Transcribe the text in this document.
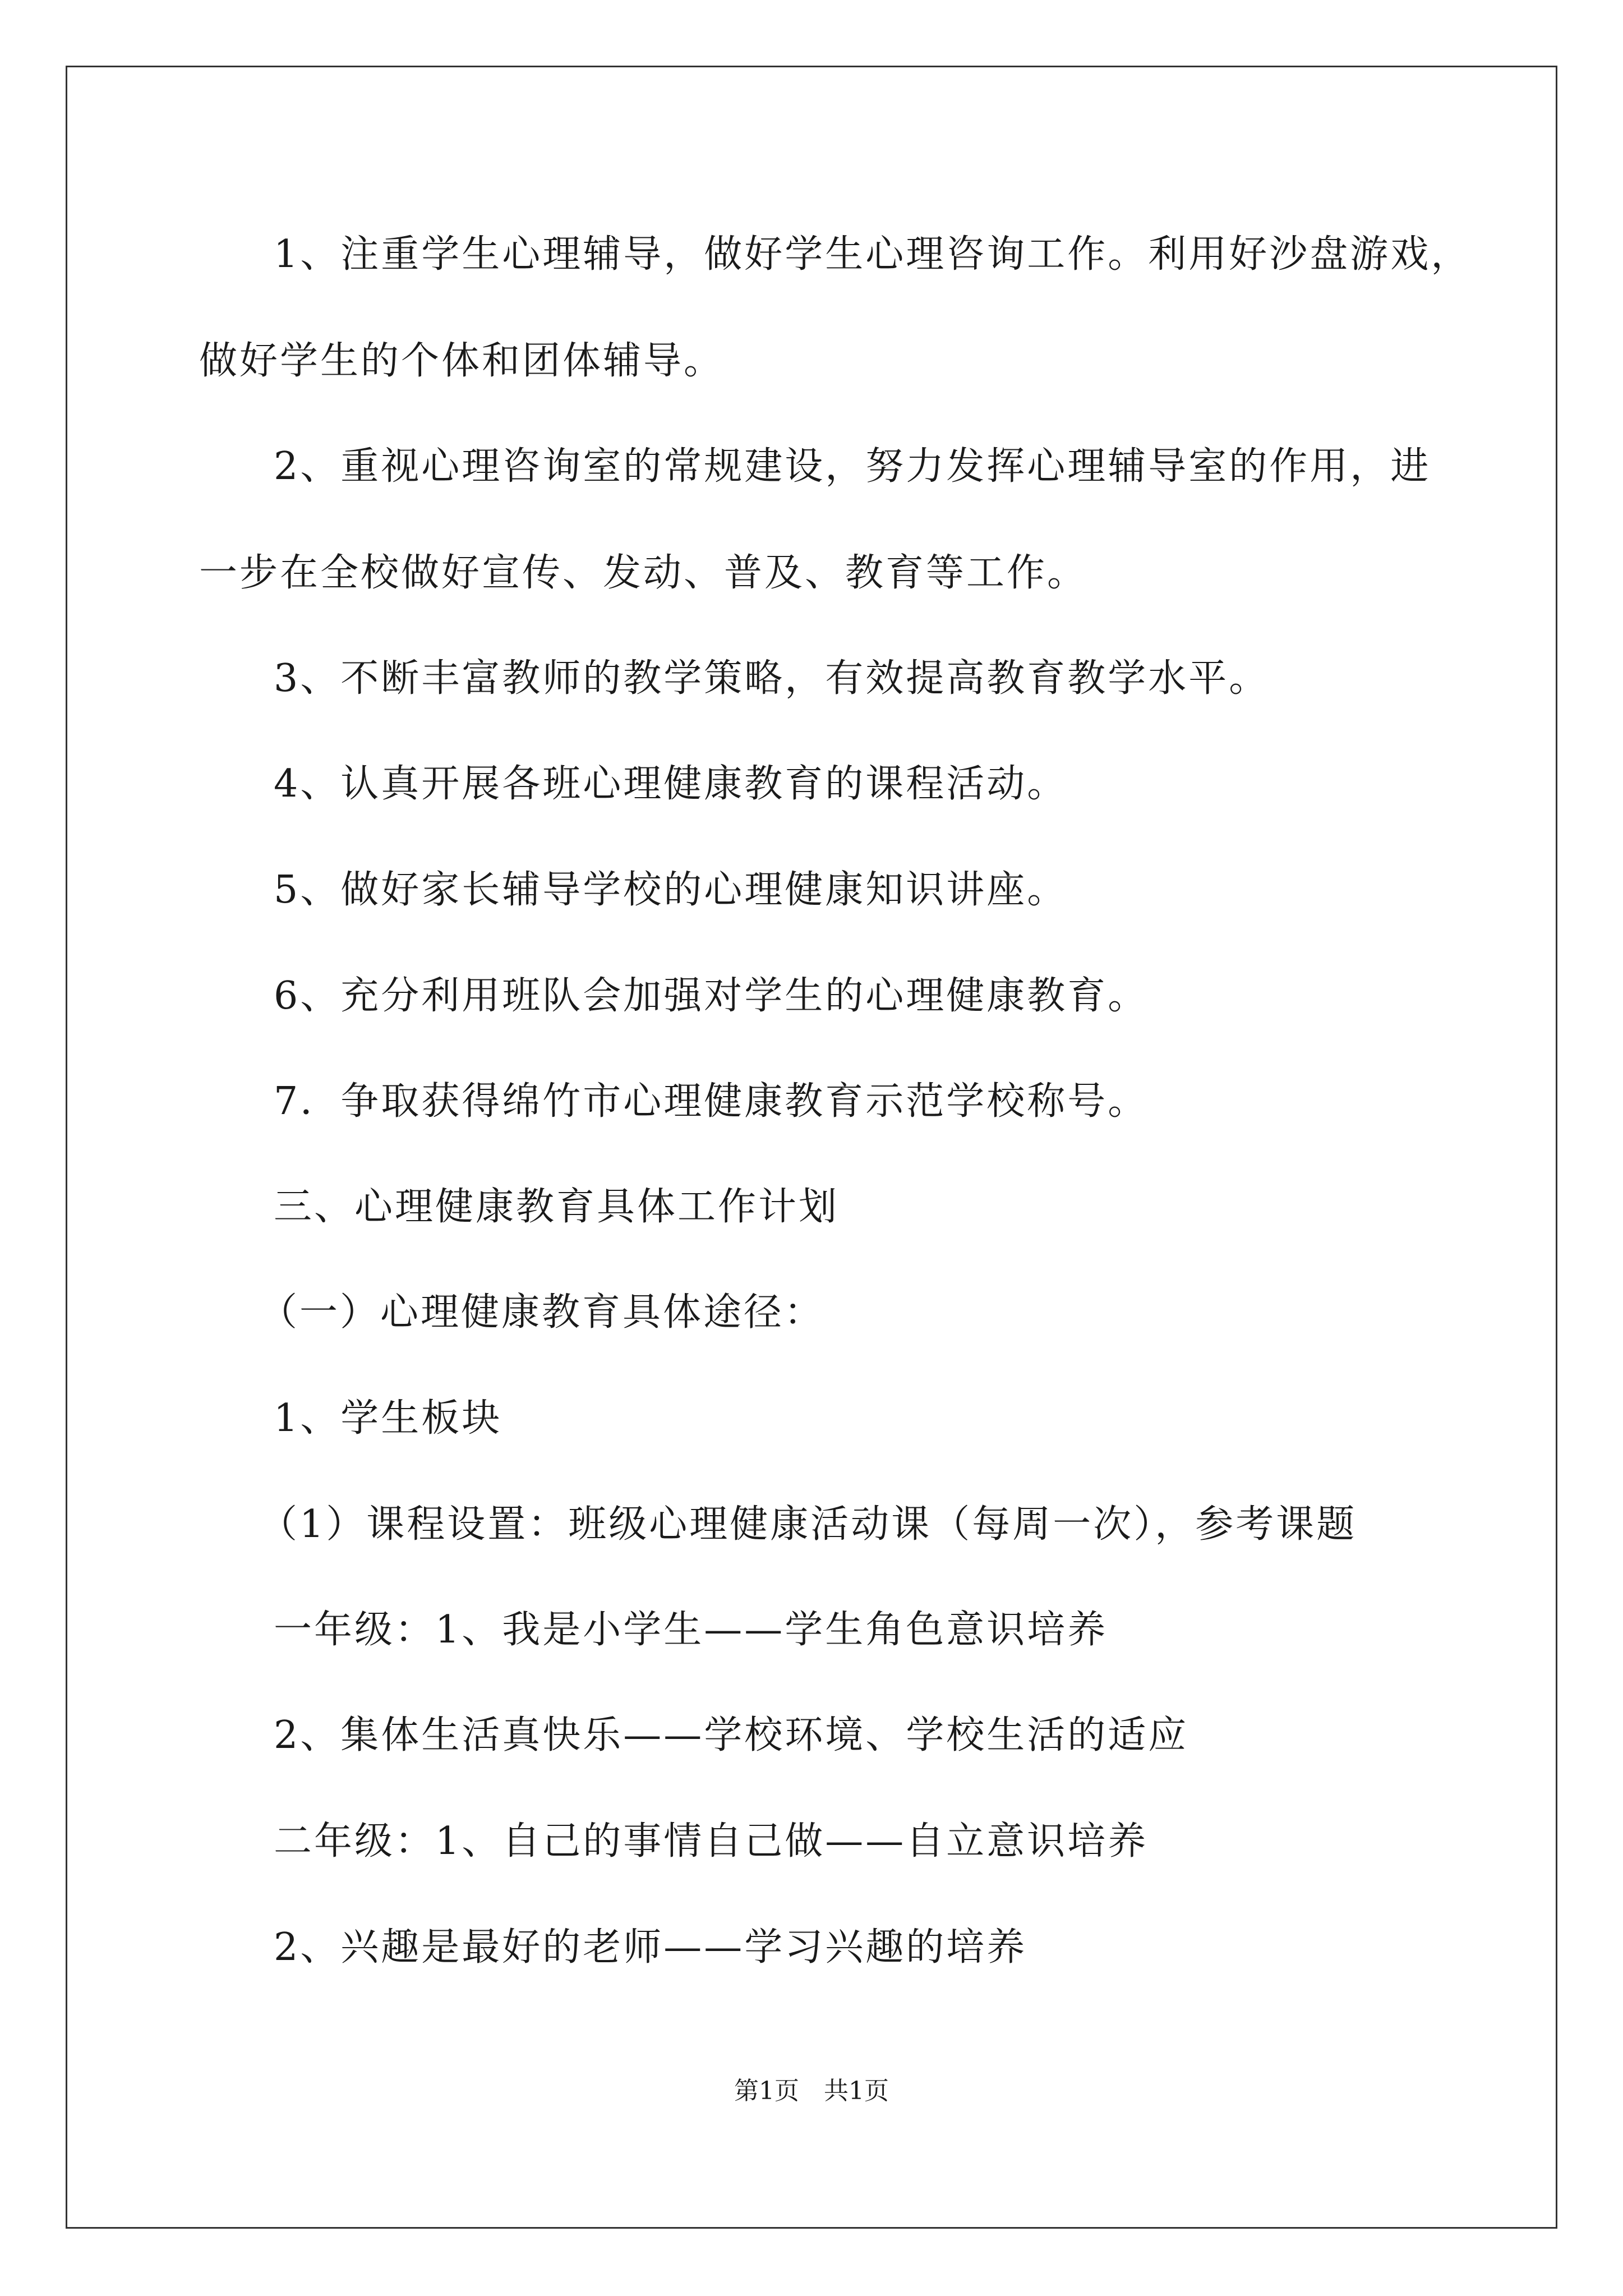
1、注重学生心理辅导，做好学生心理咨询工作。利用好沙盘游戏，
做好学生的个体和团体辅导。
2、重视心理咨询室的常规建设，努力发挥心理辅导室的作用，进
一步在全校做好宣传、发动、普及、教育等工作。
3、不断丰富教师的教学策略，有效提高教育教学水平。
4、认真开展各班心理健康教育的课程活动。
5、做好家长辅导学校的心理健康知识讲座。
6、充分利用班队会加强对学生的心理健康教育。
7．争取获得绵竹市心理健康教育示范学校称号。
三、心理健康教育具体工作计划
（一）心理健康教育具体途径：
1、学生板块
（1）课程设置：班级心理健康活动课（每周一次），参考课题
一年级：1、我是小学生——学生角色意识培养
2、集体生活真快乐——学校环境、学校生活的适应
二年级：1、自己的事情自己做——自立意识培养
2、兴趣是最好的老师——学习兴趣的培养
第1页　共1页
